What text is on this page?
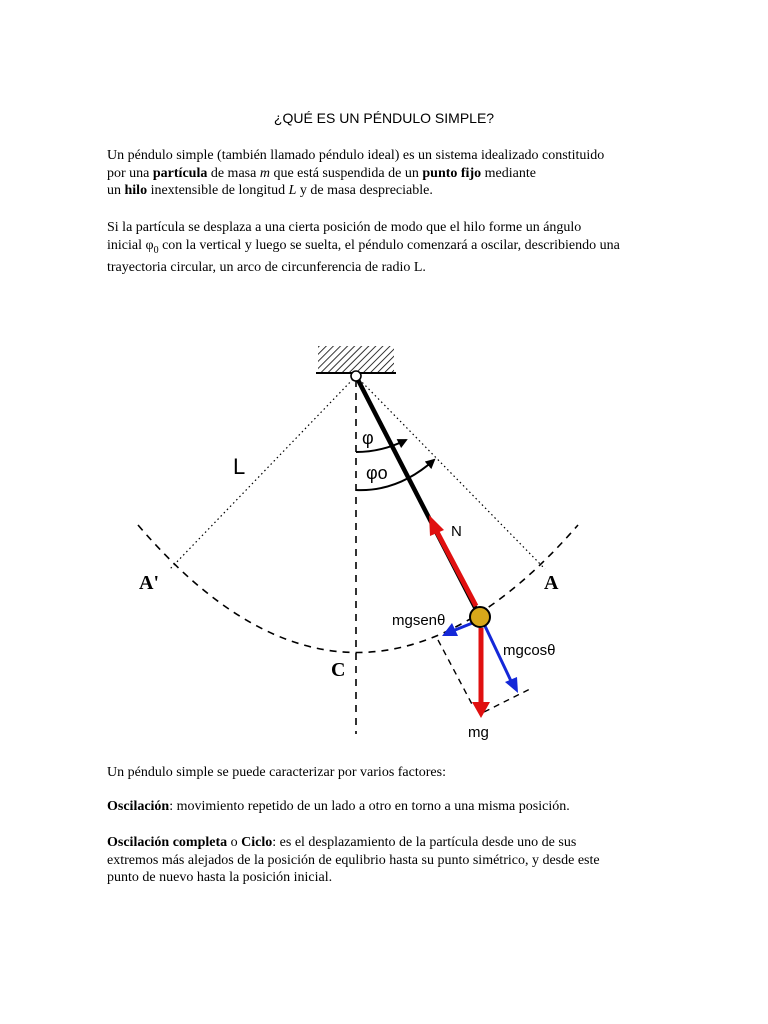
¿QUÉ ES UN PÉNDULO SIMPLE?
Un péndulo simple (también llamado péndulo ideal) es un sistema idealizado constituido
por una partícula de masa m que está suspendida de un punto fijo mediante
un hilo inextensible de longitud L y de masa despreciable.
Si la partícula se desplaza a una cierta posición de modo que el hilo forme un ángulo
inicial $\varphi_0$ con la vertical y luego se suelta, el péndulo comenzará a oscilar, describiendo una
trayectoria circular, un arco de circunferencia de radio L.
L
φ
φo
N
A
A'
C
mgsenθ
mgcosθ
mg
Un péndulo simple se puede caracterizar por varios factores:
Oscilación: movimiento repetido de un lado a otro en torno a una misma posición.
Oscilación completa o Ciclo: es el desplazamiento de la partícula desde uno de sus
extremos más alejados de la posición de equlibrio hasta su punto simétrico, y desde este
punto de nuevo hasta la posición inicial.
